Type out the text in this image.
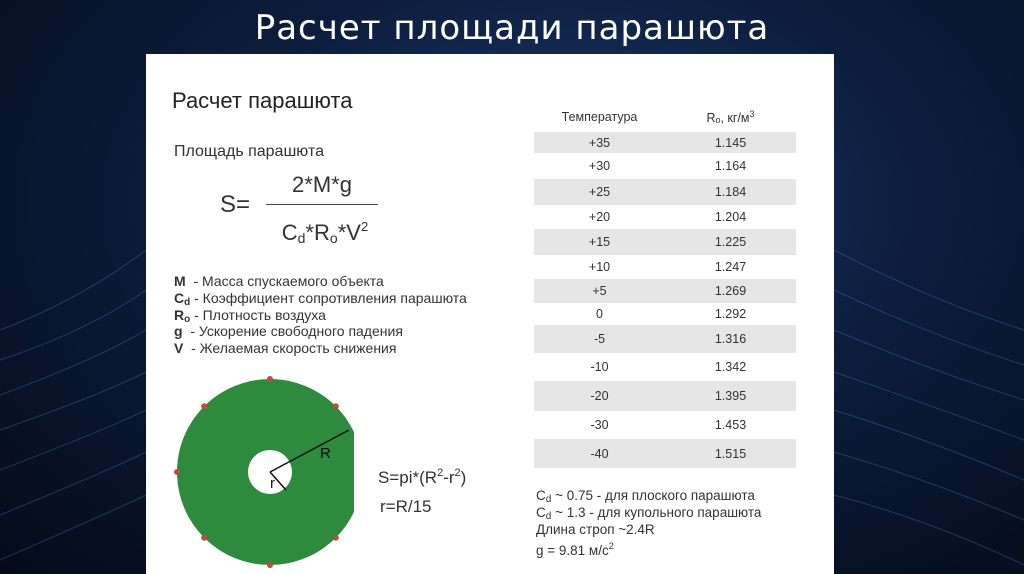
Расчет площади парашюта
Расчет парашюта
Площадь парашюта
S=
2*M*g
$C_d*R_o*V^2$
M  - Масса спускаемого объекта
$C_d$ - Коэффициент сопротивления парашюта
$R_o$ - Плотность воздуха
g  - Ускорение свободного падения
V  - Желаемая скорость снижения
R
r	$S=pi*(R^2-r^2)$
r=R/15
Температура	Ro, $кг/м^3$
+35	1.145
+30	1.164
+25	1.184
+20	1.204
+15	1.225
+10	1.247
+5	1.269
0	1.292
-5	1.316
-10	1.342
-20	1.395
-30	1.453
-40	1.515
$C_d$ ~ 0.75 - для плоского парашюта
$C_d$ ~ 1.3 - для купольного парашюта
Длина строп ~2.4R
g = 9.81 $м/с^2$
